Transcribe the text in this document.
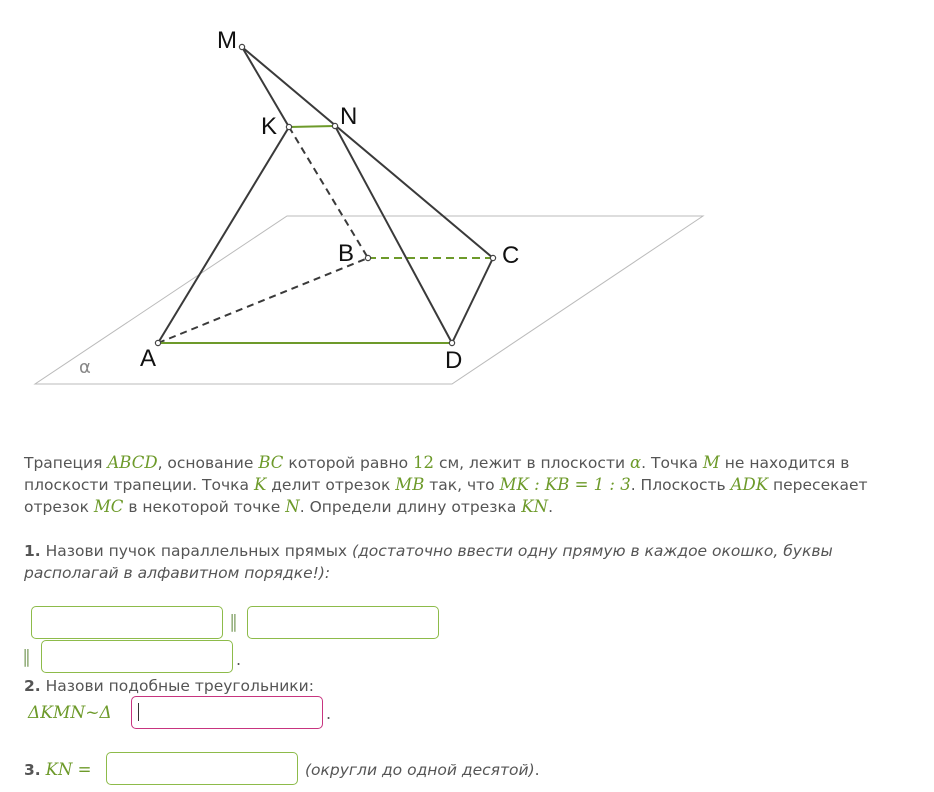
M
K	N
B	C
A	D
α
Трапеция ABCD, основание BC которой равно 12 см, лежит в плоскости α. Точка M не находится в плоскости трапеции. Точка K делит отрезок MB так, что MK : KB = 1 : 3. Плоскость ADK пересекает отрезок MC в некоторой точке N. Определи длину отрезка KN.
1. Назови пучок параллельных прямых (достаточно ввести одну прямую в каждое окошко, буквы располагай в алфавитном порядке!):
∥
∥	.
2. Назови подобные треугольники:
ΔKMN~Δ	.
3. KN =	(округли до одной десятой).
